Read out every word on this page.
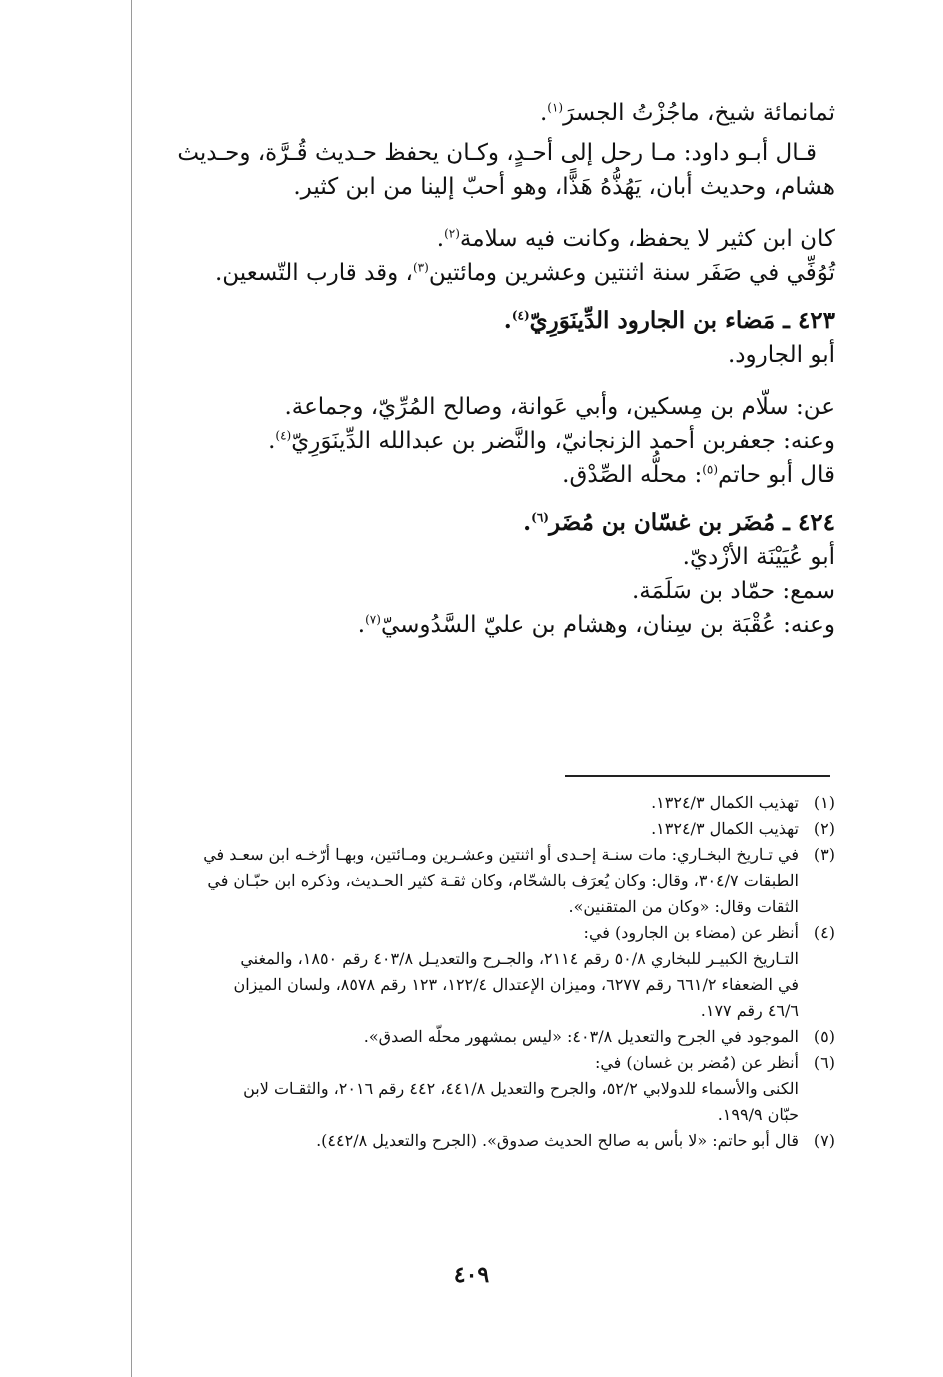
ثمانمائة شيخ، ماجُزْتُ الجسرَ$^{(١)}$.

قـال أبـو داود: مـا رحل إلى أحـدٍ، وكـان يحفظ حـديث قُـرَّة، وحـديث

هشام، وحديث أبان، يَهُذُّهُ هَذًّا، وهو أحبّ إلينا من ابن كثير.

كان ابن كثير لا يحفظ، وكانت فيه سلامة$^{(٢)}$.

تُوُفِّي في صَفَر سنة اثنتين وعشرين ومائتين$^{(٣)}$، وقد قارب التّسعين.

٤٢٣ ـ مَضاء بن الجارود الدِّينَوَرِيّ$^{(٤)}$.

أبو الجارود.

عن: سلّام بن مِسكين، وأبي عَوانة، وصالح المُرِّيّ، وجماعة.

وعنه: جعفربن أحمد الزنجانيّ، والنَّضر بن عبدالله الدِّينَوَرِيّ$^{(٤)}$.

قال أبو حاتم$^{(٥)}$: محلُّه الصِّدْق.

٤٢٤ ـ مُضَر بن غسّان بن مُضَر$^{(٦)}$.

أبو عُيَيْنَة الأزْديّ.

سمع: حمّاد بن سَلَمَة.

وعنه: عُقْبَة بن سِنان، وهشام بن عليّ السَّدُوسيّ$^{(٧)}$.

(١)
تهذيب الكمال ١٣٢٤/٣.

(٢)
تهذيب الكمال ١٣٢٤/٣.

(٣)
في تـاريخ البخـاري: مات سنـة إحـدى أو اثنتين وعشـرين ومـائتين، وبهـا أرّخـه ابن سعـد في
الطبقات ٣٠٤/٧، وقال: وكان يُعرَف بالشحّام، وكان ثقـة كثير الحـديث، وذكره ابن حبّـان في
الثقات وقال: «وكان من المتقنين».

(٤)
أنظر عن (مضاء بن الجارود) في:
التـاريخ الكبيـر للبخاري ٥٠/٨ رقم ٢١١٤، والجـرح والتعديـل ٤٠٣/٨ رقم ١٨٥٠، والمغني
في الضعفاء ٦٦١/٢ رقم ٦٢٧٧، وميزان الإعتدال ١٢٢/٤، ١٢٣ رقم ٨٥٧٨، ولسان الميزان
٤٦/٦ رقم ١٧٧.

(٥)
الموجود في الجرح والتعديل ٤٠٣/٨: «ليس بمشهور محلّه الصدق».

(٦)
أنظر عن (مُضر بن غسان) في:
الكنى والأسماء للدولابي ٥٢/٢، والجرح والتعديل ٤٤١/٨، ٤٤٢ رقم ٢٠١٦، والثقـات لابن
حبّان ١٩٩/٩.

(٧)
قال أبو حاتم: «لا بأس به صالح الحديث صدوق». (الجرح والتعديل ٤٤٢/٨).

٤٠٩
